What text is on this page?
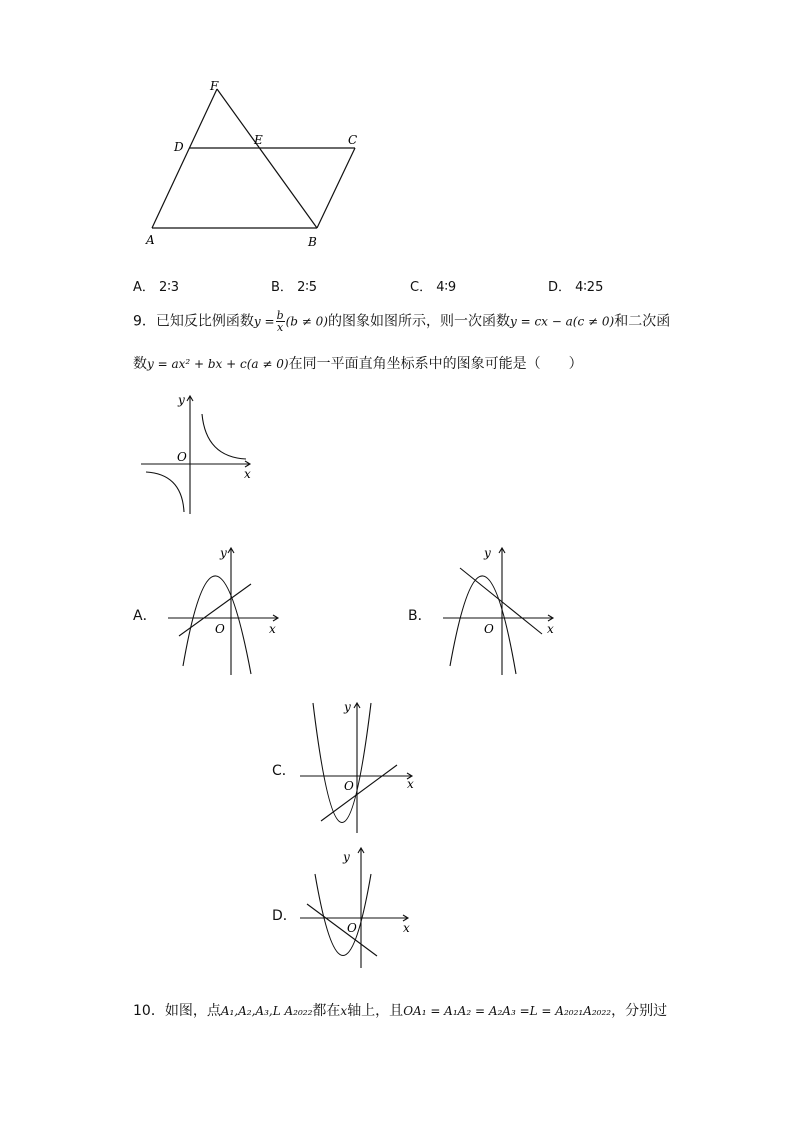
F
D	E	C
A	B
A． 2∶3	B． 2∶5	C． 4∶9	D． 4∶25
9．已知反比例函数$y = \frac{b}{x} (b \ne 0)$的图象如图所示，则一次函数y = cx − a(c ≠ 0)和二次函
数y = ax² + bx + c(a ≠ 0)在同一平面直角坐标系中的图象可能是（　　）
y
x
O
A．
y
x
O
B．
y
x
O
C．
y
x
O
D．
y
x
O
10．如图，点A₁,A₂,A₃,L A₂₀₂₂都在x轴上，且OA₁ = A₁A₂ = A₂A₃ =L = A₂₀₂₁A₂₀₂₂，分别过
